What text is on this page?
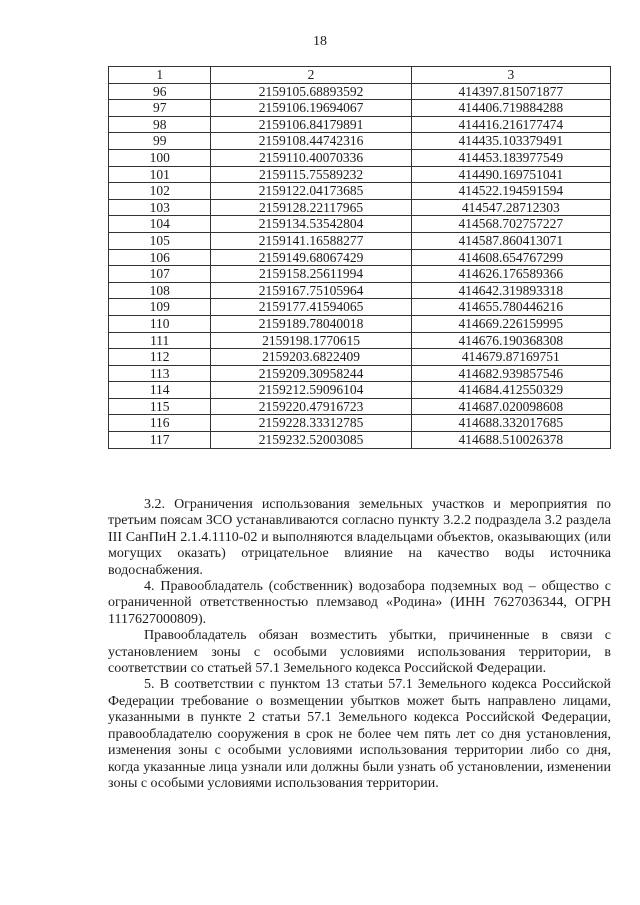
18
1	2	3
96	2159105.68893592	414397.815071877
97	2159106.19694067	414406.719884288
98	2159106.84179891	414416.216177474
99	2159108.44742316	414435.103379491
100	2159110.40070336	414453.183977549
101	2159115.75589232	414490.169751041
102	2159122.04173685	414522.194591594
103	2159128.22117965	414547.28712303
104	2159134.53542804	414568.702757227
105	2159141.16588277	414587.860413071
106	2159149.68067429	414608.654767299
107	2159158.25611994	414626.176589366
108	2159167.75105964	414642.319893318
109	2159177.41594065	414655.780446216
110	2159189.78040018	414669.226159995
111	2159198.1770615	414676.190368308
112	2159203.6822409	414679.87169751
113	2159209.30958244	414682.939857546
114	2159212.59096104	414684.412550329
115	2159220.47916723	414687.020098608
116	2159228.33312785	414688.332017685
117	2159232.52003085	414688.510026378

3.2. Ограничения использования земельных участков и мероприятия по третьим поясам ЗСО устанавливаются согласно пункту 3.2.2 подраздела 3.2 раздела III СанПиН 2.1.4.1110-02 и выполняются владельцами объектов, оказывающих (или могущих оказать) отрицательное влияние на качество воды источника водоснабжения.

4. Правообладатель (собственник) водозабора подземных вод – общество с ограниченной ответственностью племзавод «Родина» (ИНН 7627036344, ОГРН 1117627000809).

Правообладатель обязан возместить убытки, причиненные в связи с установлением зоны с особыми условиями использования территории, в соответствии со статьей 57.1 Земельного кодекса Российской Федерации.

5. В соответствии с пунктом 13 статьи 57.1 Земельного кодекса Российской Федерации требование о возмещении убытков может быть направлено лицами, указанными в пункте 2 статьи 57.1 Земельного кодекса Российской Федерации, правообладателю сооружения в срок не более чем пять лет со дня установления, изменения зоны с особыми условиями использования территории либо со дня, когда указанные лица узнали или должны были узнать об установлении, изменении зоны с особыми условиями использования территории.
